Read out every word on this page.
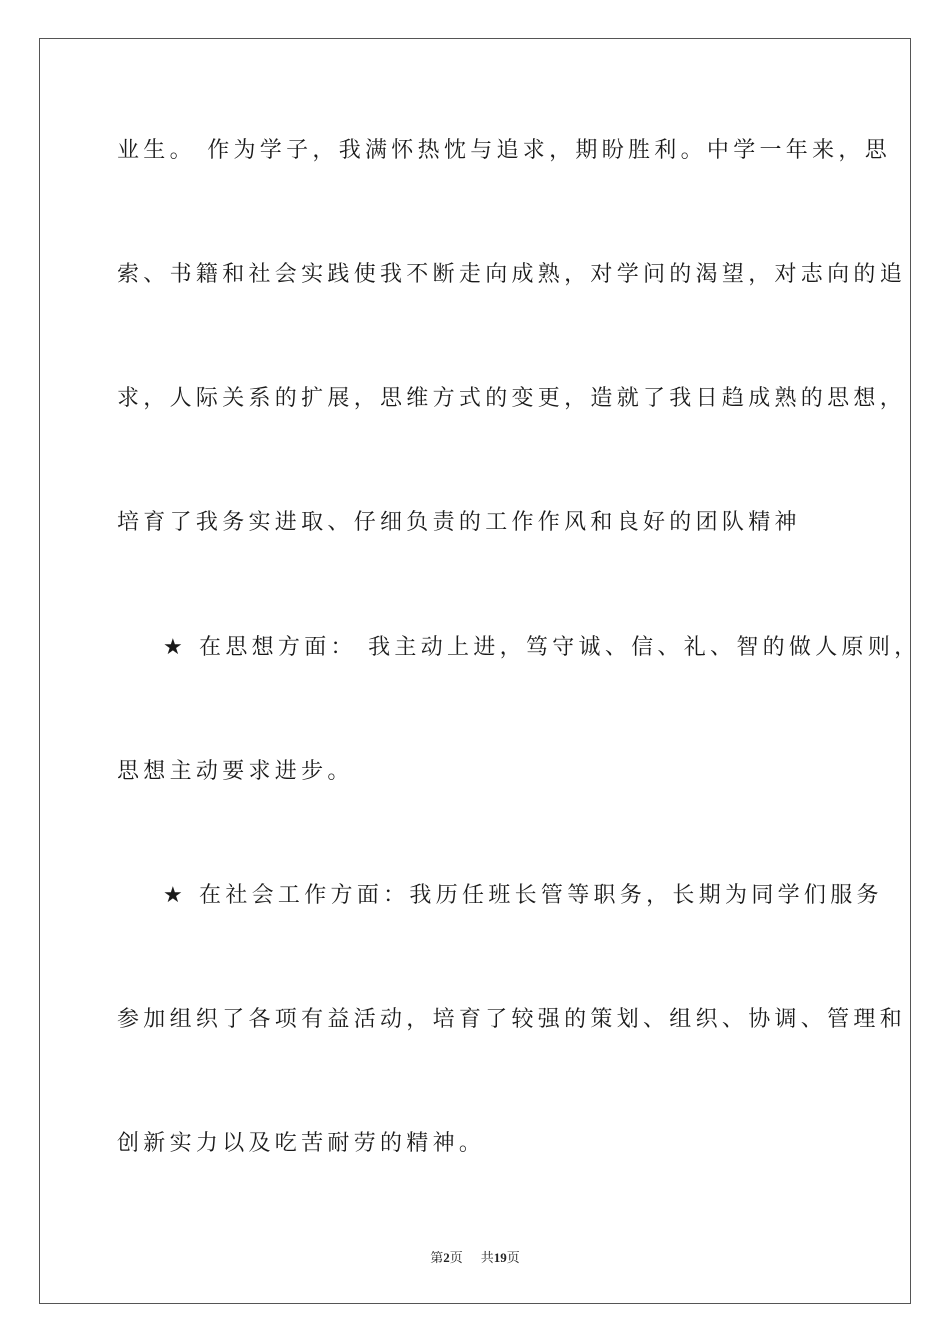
业生。 作为学子，我满怀热忱与追求，期盼胜利。中学一年来，思
索、书籍和社会实践使我不断走向成熟，对学问的渴望，对志向的追
求，人际关系的扩展，思维方式的变更，造就了我日趋成熟的思想，
培育了我务实进取、仔细负责的工作作风和良好的团队精神
★ 在思想方面： 我主动上进，笃守诚、信、礼、智的做人原则，
思想主动要求进步。
★ 在社会工作方面：我历任班长管等职务，长期为同学们服务
参加组织了各项有益活动，培育了较强的策划、组织、协调、管理和
创新实力以及吃苦耐劳的精神。
第2页 共19页
